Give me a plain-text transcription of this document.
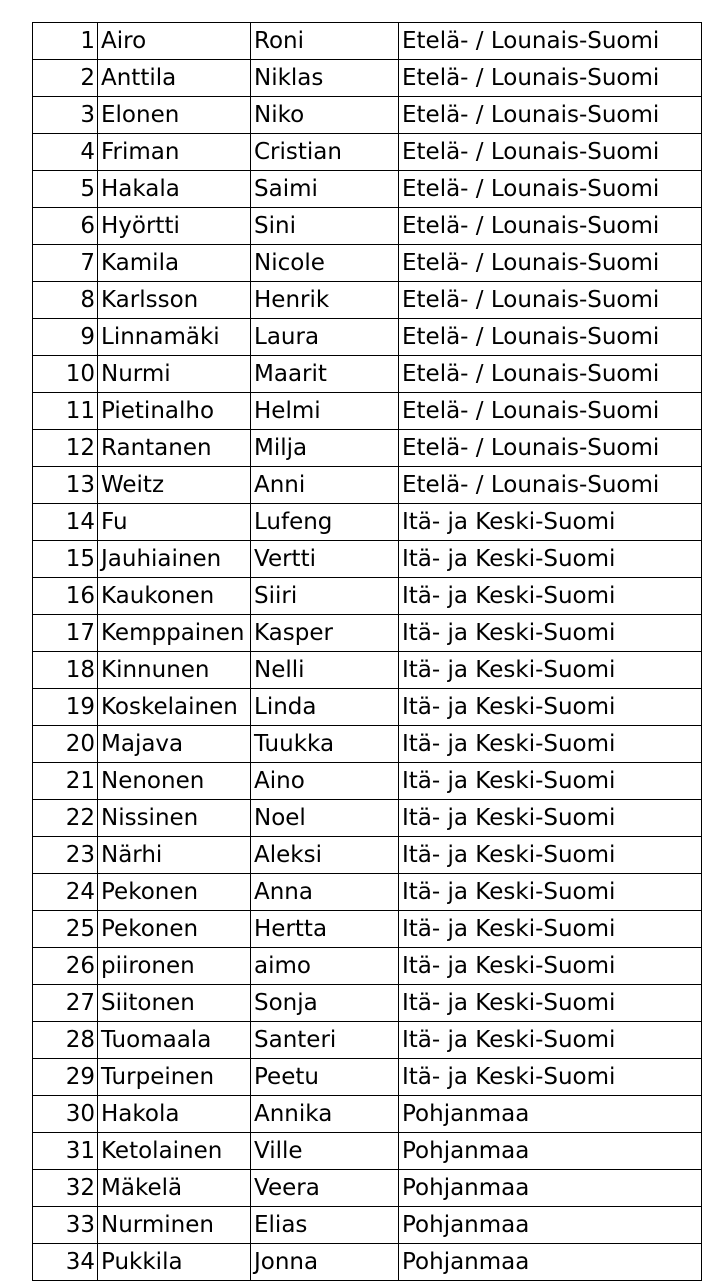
1	Airo	Roni	Etelä- / Lounais-Suomi
2	Anttila	Niklas	Etelä- / Lounais-Suomi
3	Elonen	Niko	Etelä- / Lounais-Suomi
4	Friman	Cristian	Etelä- / Lounais-Suomi
5	Hakala	Saimi	Etelä- / Lounais-Suomi
6	Hyörtti	Sini	Etelä- / Lounais-Suomi
7	Kamila	Nicole	Etelä- / Lounais-Suomi
8	Karlsson	Henrik	Etelä- / Lounais-Suomi
9	Linnamäki	Laura	Etelä- / Lounais-Suomi
10	Nurmi	Maarit	Etelä- / Lounais-Suomi
11	Pietinalho	Helmi	Etelä- / Lounais-Suomi
12	Rantanen	Milja	Etelä- / Lounais-Suomi
13	Weitz	Anni	Etelä- / Lounais-Suomi
14	Fu	Lufeng	Itä- ja Keski-Suomi
15	Jauhiainen	Vertti	Itä- ja Keski-Suomi
16	Kaukonen	Siiri	Itä- ja Keski-Suomi
17	Kemppainen	Kasper	Itä- ja Keski-Suomi
18	Kinnunen	Nelli	Itä- ja Keski-Suomi
19	Koskelainen	Linda	Itä- ja Keski-Suomi
20	Majava	Tuukka	Itä- ja Keski-Suomi
21	Nenonen	Aino	Itä- ja Keski-Suomi
22	Nissinen	Noel	Itä- ja Keski-Suomi
23	Närhi	Aleksi	Itä- ja Keski-Suomi
24	Pekonen	Anna	Itä- ja Keski-Suomi
25	Pekonen	Hertta	Itä- ja Keski-Suomi
26	piironen	aimo	Itä- ja Keski-Suomi
27	Siitonen	Sonja	Itä- ja Keski-Suomi
28	Tuomaala	Santeri	Itä- ja Keski-Suomi
29	Turpeinen	Peetu	Itä- ja Keski-Suomi
30	Hakola	Annika	Pohjanmaa
31	Ketolainen	Ville	Pohjanmaa
32	Mäkelä	Veera	Pohjanmaa
33	Nurminen	Elias	Pohjanmaa
34	Pukkila	Jonna	Pohjanmaa
